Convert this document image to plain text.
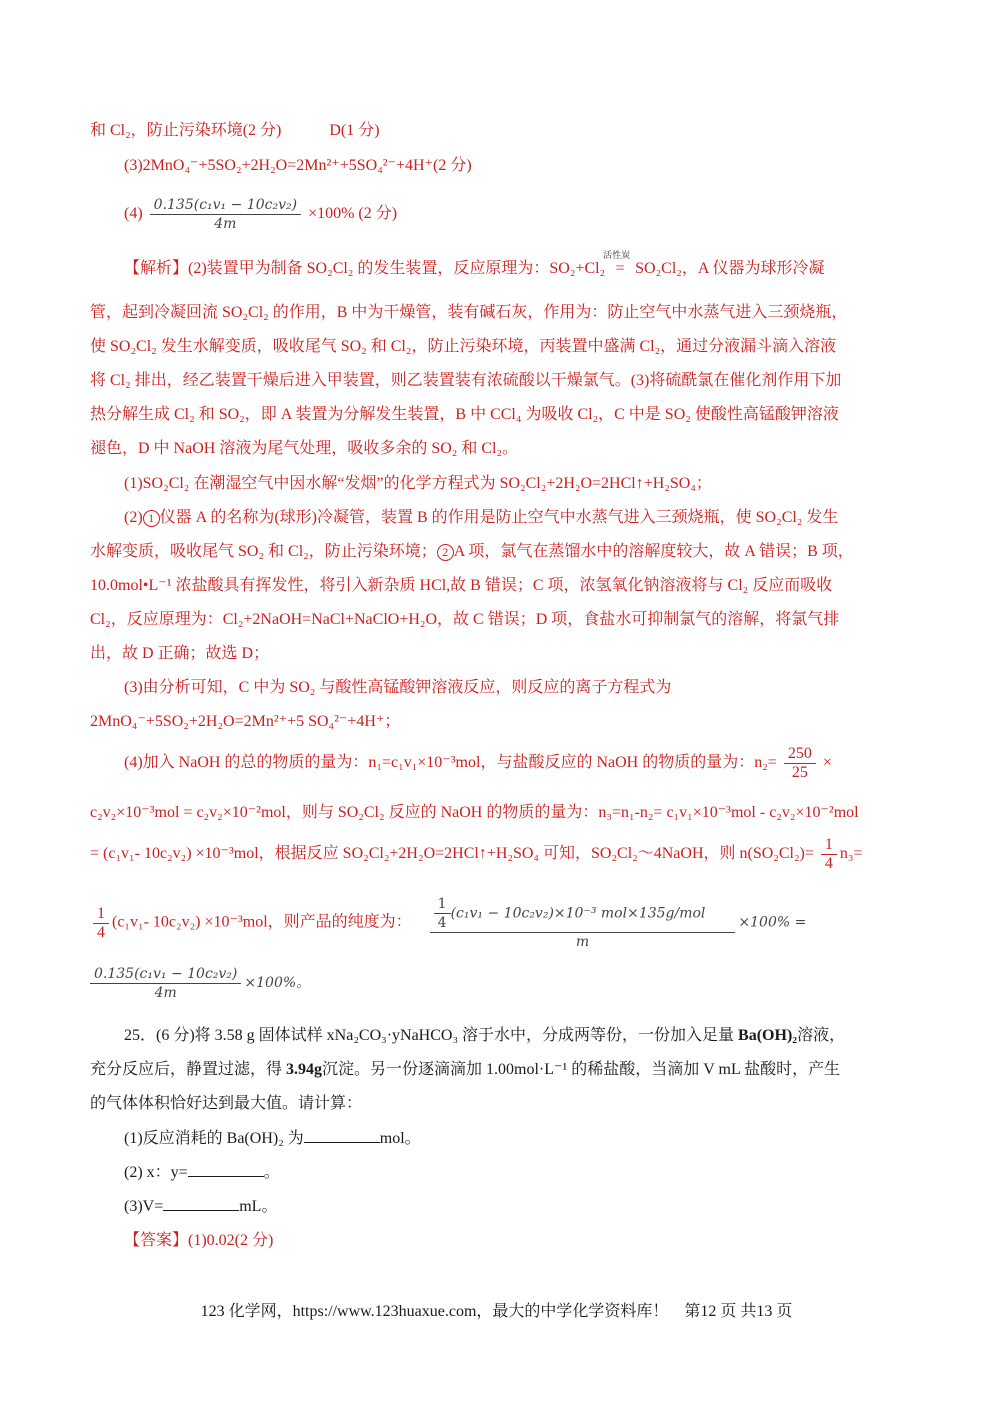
和 Cl₂，防止污染环境(2 分)　　　D(1 分)
(3)2MnO₄⁻+5SO₂+2H₂O=2Mn²⁺+5SO₄²⁻+4H⁺(2 分)
$(4) \frac{\text{0.135(c₁v₁ − 10c₂v₂)}}{4m} \times 100\%$ (2 分)
【解析】(2)装置甲为制备 SO₂Cl₂ 的发生装置，反应原理为：SO₂+Cl₂
活性炭
= SO₂Cl₂，A 仪器为球形冷凝
管，起到冷凝回流 SO₂Cl₂ 的作用，B 中为干燥管，装有碱石灰，作用为：防止空气中水蒸气进入三颈烧瓶，
使 SO₂Cl₂ 发生水解变质，吸收尾气 SO₂ 和 Cl₂，防止污染环境，丙装置中盛满 Cl₂，通过分液漏斗滴入溶液
将 Cl₂ 排出，经乙装置干燥后进入甲装置，则乙装置装有浓硫酸以干燥氯气。(3)将硫酰氯在催化剂作用下加
热分解生成 Cl₂ 和 SO₂，即 A 装置为分解发生装置，B 中 CCl₄ 为吸收 Cl₂，C 中是 SO₂ 使酸性高锰酸钾溶液
褪色，D 中 NaOH 溶液为尾气处理，吸收多余的 SO₂ 和 Cl₂。
(1)SO₂Cl₂ 在潮湿空气中因水解“发烟”的化学方程式为 SO₂Cl₂+2H₂O=2HCl↑+H₂SO₄；
(2) 1 仪器 A 的名称为(球形)冷凝管，装置 B 的作用是防止空气中水蒸气进入三颈烧瓶，使 SO₂Cl₂ 发生
水解变质，吸收尾气 SO₂ 和 Cl₂，防止污染环境； 2 A 项，氯气在蒸馏水中的溶解度较大，故 A 错误；B 项，
10.0mol•L⁻¹ 浓盐酸具有挥发性，将引入新杂质 HCl,故 B 错误；C 项，浓氢氧化钠溶液将与 Cl₂ 反应而吸收
Cl₂，反应原理为：Cl₂+2NaOH=NaCl+NaClO+H₂O，故 C 错误；D 项，食盐水可抑制氯气的溶解，将氯气排
出，故 D 正确；故选 D；
(3)由分析可知，C 中为 SO₂ 与酸性高锰酸钾溶液反应，则反应的离子方程式为
2MnO₄⁻+5SO₂+2H₂O=2Mn²⁺+5 SO₄²⁻+4H⁺；
(4)加入 NaOH 的总的物质的量为：n₁=c₁v₁×10⁻³mol，与盐酸反应的 NaOH 的物质的量为：$n_2= \frac{250}{25}$ ×
c₂v₂×10⁻³mol = c₂v₂×10⁻²mol，则与 SO₂Cl₂ 反应的 NaOH 的物质的量为：n₃=n₁-n₂= c₁v₁×10⁻³mol - c₂v₂×10⁻²mol
= (c₁v₁- 10c₂v₂) ×10⁻³mol，根据反应 SO₂Cl₂+2H₂O=2HCl↑+H₂SO₄ 可知，SO₂Cl₂～4NaOH，则 $n(SO_2Cl_2)= \frac{1}{4} n_3=$
$\frac{1}{4} (c_1v_1-$ 10c₂v₂) ×10⁻³mol，则产品的纯度为： $\frac{\frac{1}{4} (c_1v_1 - 10c_2v_2)\times 10^{-3} mol\times 135g/mol}{m} \times 100\%$ =
$\frac{\text{0.135(c₁v₁ − 10c₂v₂)}}{4m} \times 100\%$。
25．(6 分)将 3.58 g 固体试样 xNa₂CO₃·yNaHCO₃ 溶于水中，分成两等份，一份加入足量 Ba(OH)₂溶液，
充分反应后，静置过滤，得 3.94g沉淀。另一份逐滴滴加 1.00mol·L⁻¹ 的稀盐酸，当滴加 V mL 盐酸时，产生
的气体体积恰好达到最大值。请计算：
(1)反应消耗的 Ba(OH)₂ 为	mol。
(2) x：y=	。
(3)V=	mL。
【答案】(1)0.02(2 分)
123 化学网，https://www.123huaxue.com，最大的中学化学资料库！　第12 页 共13 页
